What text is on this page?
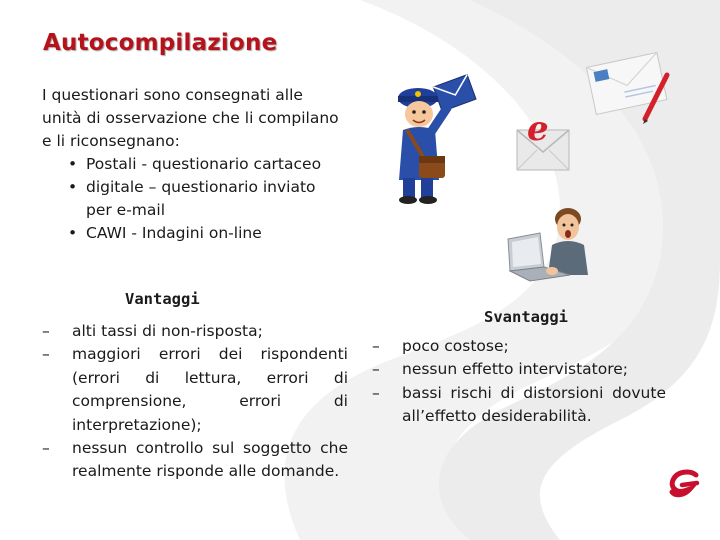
Autocompilazione
I questionari sono consegnati alle unità di osservazione che li compilano e li riconsegnano:
• Postali - questionario cartaceo
• digitale – questionario inviato per e-mail
• CAWI - Indagini on-line
e
Vantaggi
– alti tassi di non-risposta;
– maggiori errori dei rispondenti (errori di lettura, errori di comprensione, errori di interpretazione);
– nessun controllo sul soggetto che realmente risponde alle domande.
Svantaggi
– poco costose;
– nessun effetto intervistatore;
– bassi rischi di distorsioni dovute all’effetto desiderabilità.
